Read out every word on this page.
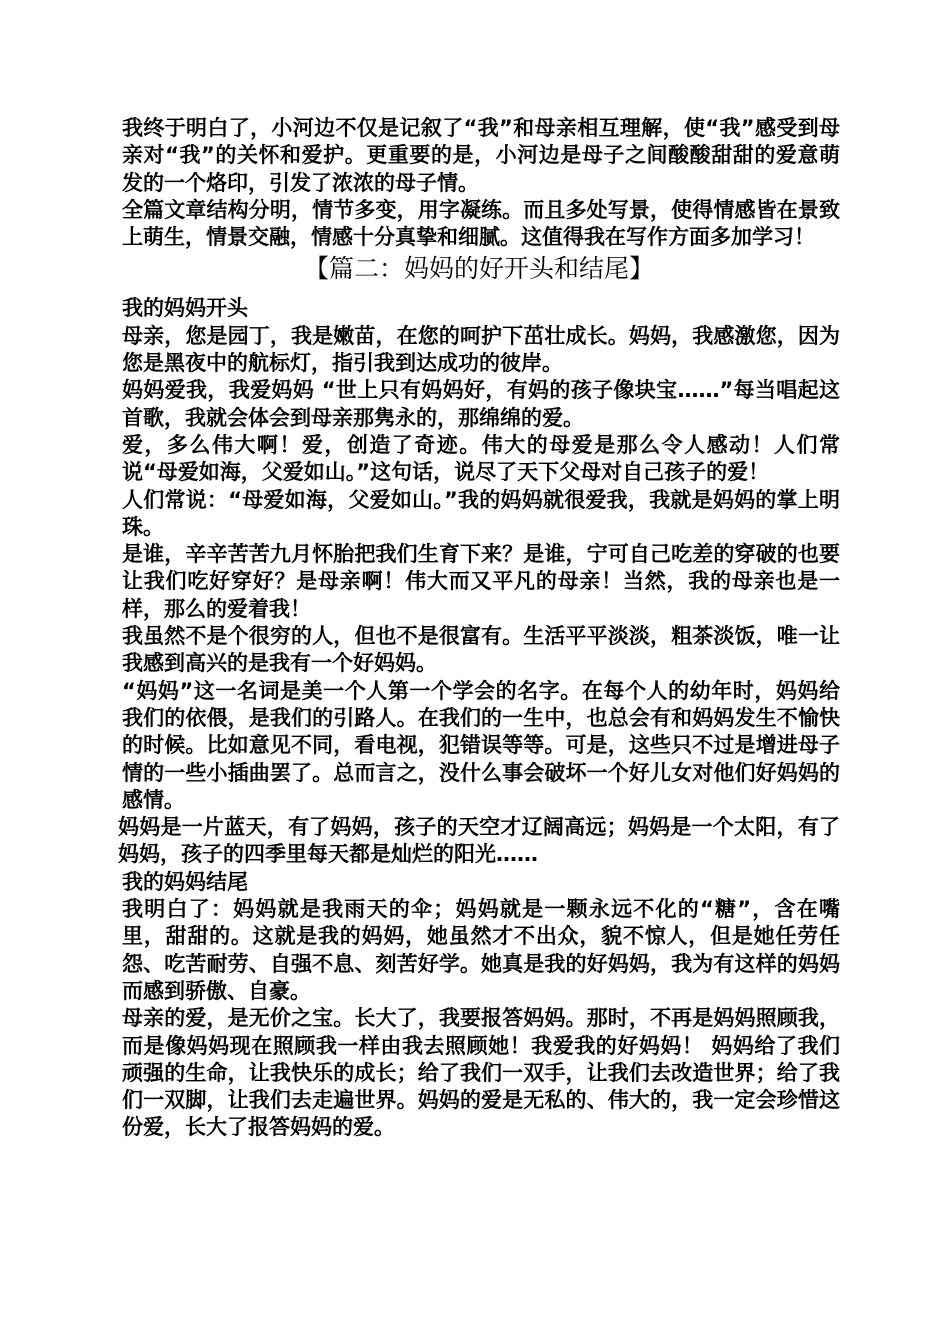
我终于明白了，小河边不仅是记叙了“我”和母亲相互理解，使“我”感受到母亲对“我”的关怀和爱护。更重要的是，小河边是母子之间酸酸甜甜的爱意萌发的一个烙印，引发了浓浓的母子情。

全篇文章结构分明，情节多变，用字凝练。而且多处写景，使得情感皆在景致上萌生，情景交融，情感十分真挚和细腻。这值得我在写作方面多加学习！

【篇二：妈妈的好开头和结尾】

我的妈妈开头

母亲，您是园丁，我是嫩苗，在您的呵护下茁壮成长。妈妈，我感激您，因为您是黑夜中的航标灯，指引我到达成功的彼岸。

妈妈爱我，我爱妈妈 “世上只有妈妈好，有妈的孩子像块宝……”每当唱起这首歌，我就会体会到母亲那隽永的，那绵绵的爱。

爱，多么伟大啊！爱，创造了奇迹。伟大的母爱是那么令人感动！人们常说“母爱如海，父爱如山。”这句话，说尽了天下父母对自己孩子的爱！

人们常说：“母爱如海，父爱如山。”我的妈妈就很爱我，我就是妈妈的掌上明珠。

是谁，辛辛苦苦九月怀胎把我们生育下来？是谁，宁可自己吃差的穿破的也要让我们吃好穿好？是母亲啊！伟大而又平凡的母亲！当然，我的母亲也是一样，那么的爱着我！

我虽然不是个很穷的人，但也不是很富有。生活平平淡淡，粗茶淡饭，唯一让我感到高兴的是我有一个好妈妈。

“妈妈”这一名词是美一个人第一个学会的名字。在每个人的幼年时，妈妈给我们的依偎，是我们的引路人。在我们的一生中，也总会有和妈妈发生不愉快的时候。比如意见不同，看电视，犯错误等等。可是，这些只不过是增进母子情的一些小插曲罢了。总而言之，没什么事会破坏一个好儿女对他们好妈妈的感情。

妈妈是一片蓝天，有了妈妈，孩子的天空才辽阔高远；妈妈是一个太阳，有了妈妈，孩子的四季里每天都是灿烂的阳光……

我的妈妈结尾

我明白了：妈妈就是我雨天的伞；妈妈就是一颗永远不化的“糖”，含在嘴里，甜甜的。这就是我的妈妈，她虽然才不出众，貌不惊人，但是她任劳任怨、吃苦耐劳、自强不息、刻苦好学。她真是我的好妈妈，我为有这样的妈妈而感到骄傲、自豪。

母亲的爱，是无价之宝。长大了，我要报答妈妈。那时，不再是妈妈照顾我，而是像妈妈现在照顾我一样由我去照顾她！我爱我的好妈妈！ 妈妈给了我们顽强的生命，让我快乐的成长；给了我们一双手，让我们去改造世界；给了我们一双脚，让我们去走遍世界。妈妈的爱是无私的、伟大的，我一定会珍惜这份爱，长大了报答妈妈的爱。
